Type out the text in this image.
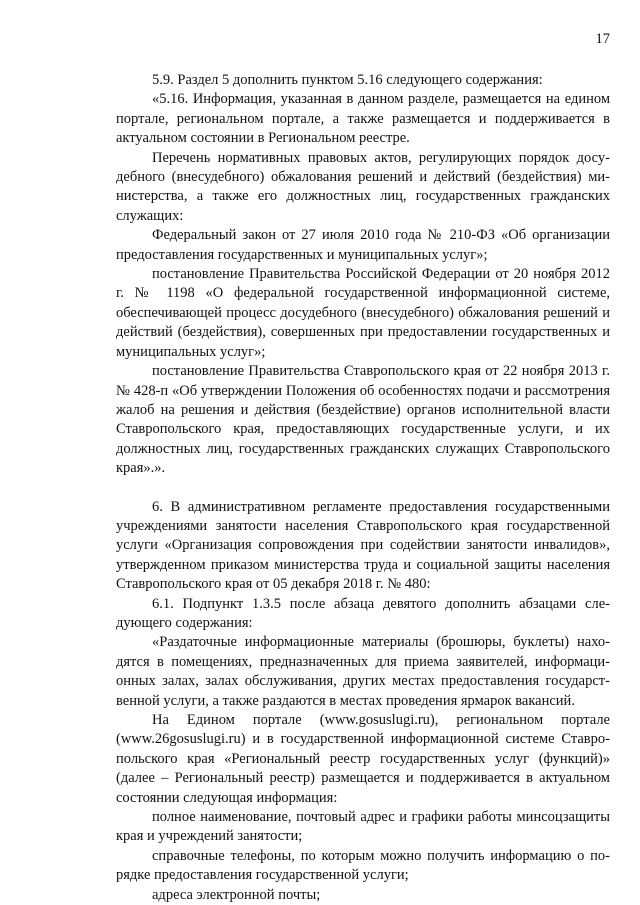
17

5.9. Раздел 5 дополнить пунктом 5.16 следующего содержания:

«5.16. Информация, указанная в данном разделе, размещается на едином портале, региональном портале, а также размещается и поддерживается в актуальном состоянии в Региональном реестре.

Перечень нормативных правовых актов, регулирующих порядок досудебного (внесудебного) обжалования решений и действий (бездействия) министерства, а также его должностных лиц, государственных гражданских служащих:

Федеральный закон от 27 июля 2010 года № 210-ФЗ «Об организации предоставления государственных и муниципальных услуг»;

постановление Правительства Российской Федерации от 20 ноября 2012 г. № 1198 «О федеральной государственной информационной системе, обеспечивающей процесс досудебного (внесудебного) обжалования решений и действий (бездействия), совершенных при предоставлении государственных и муниципальных услуг»;

постановление Правительства Ставропольского края от 22 ноября 2013 г. № 428-п «Об утверждении Положения об особенностях подачи и рассмотрения жалоб на решения и действия (бездействие) органов исполнительной власти Ставропольского края, предоставляющих государственные услуги, и их должностных лиц, государственных гражданских служащих Ставропольского края».».

6. В административном регламенте предоставления государственными учреждениями занятости населения Ставропольского края государственной услуги «Организация сопровождения при содействии занятости инвалидов», утвержденном приказом министерства труда и социальной защиты населения Ставропольского края от 05 декабря 2018 г. № 480:

6.1. Подпункт 1.3.5 после абзаца девятого дополнить абзацами следующего содержания:

«Раздаточные информационные материалы (брошюры, буклеты) находятся в помещениях, предназначенных для приема заявителей, информационных залах, залах обслуживания, других местах предоставления государственной услуги, а также раздаются в местах проведения ярмарок вакансий.

На Едином портале (www.gosuslugi.ru), региональном портале (www.26gosuslugi.ru) и в государственной информационной системе Ставропольского края «Региональный реестр государственных услуг (функций)» (далее – Региональный реестр) размещается и поддерживается в актуальном состоянии следующая информация:

полное наименование, почтовый адрес и графики работы минсоцзащиты края и учреждений занятости;

справочные телефоны, по которым можно получить информацию о порядке предоставления государственной услуги;

адреса электронной почты;
